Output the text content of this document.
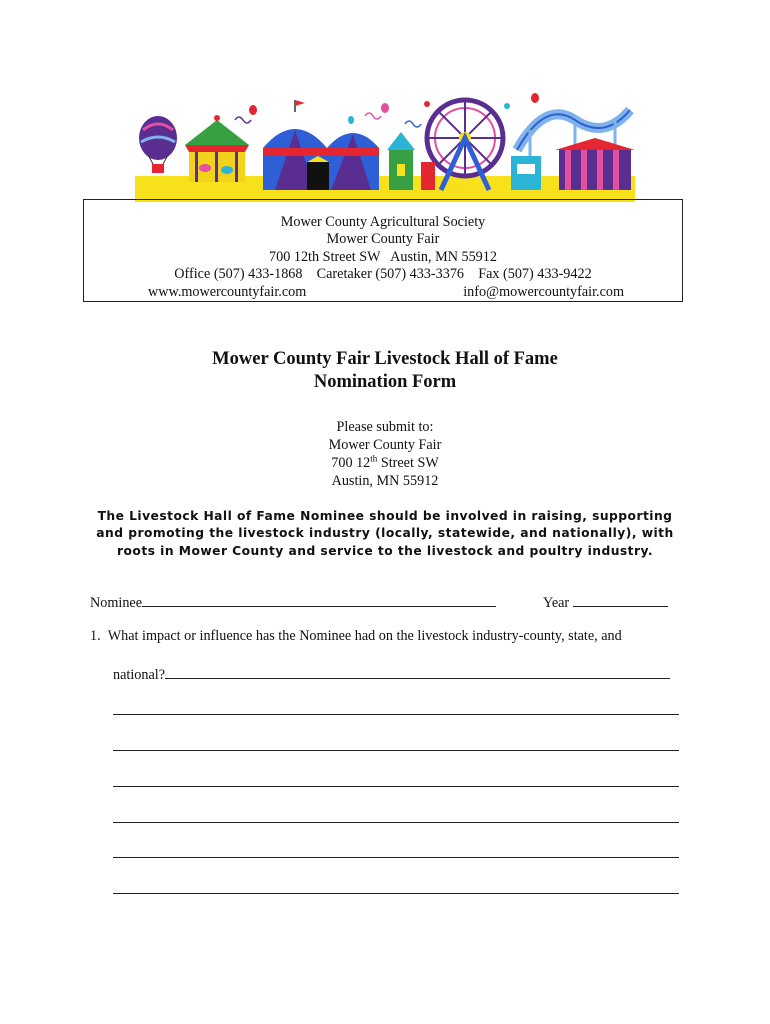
Mower County Agricultural Society
Mower County Fair
700 12th Street SW   Austin, MN 55912
Office (507) 433-1868    Caretaker (507) 433-3376    Fax (507) 433-9422
www.mowercountyfair.com	info@mowercountyfair.com
Mower County Fair Livestock Hall of Fame
Nomination Form
Please submit to:
Mower County Fair
700 12th Street SW
Austin, MN 55912
The Livestock Hall of Fame Nominee should be involved in raising, supporting
and promoting the livestock industry (locally, statewide, and nationally), with
roots in Mower County and service to the livestock and poultry industry.
Nominee	Year
1. What impact or influence has the Nominee had on the livestock industry-county, state, and
national?
